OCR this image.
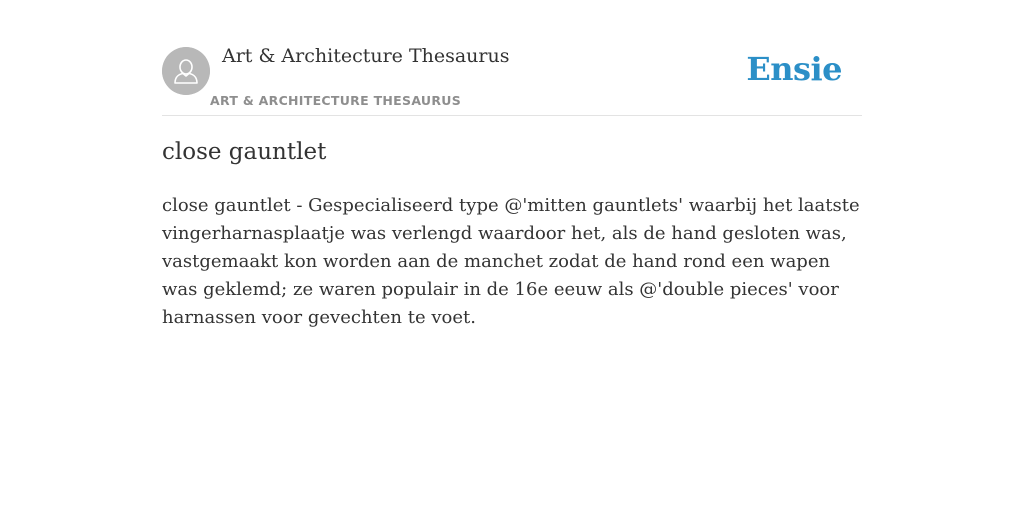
Art & Architecture Thesaurus
ART & ARCHITECTURE THESAURUS
Ensie
close gauntlet

close gauntlet - Gespecialiseerd type @'mitten gauntlets' waarbij het laatste vingerharnasplaatje was verlengd waardoor het, als de hand gesloten was, vastgemaakt kon worden aan de manchet zodat de hand rond een wapen was geklemd; ze waren populair in de 16e eeuw als @'double pieces' voor harnassen voor gevechten te voet.
